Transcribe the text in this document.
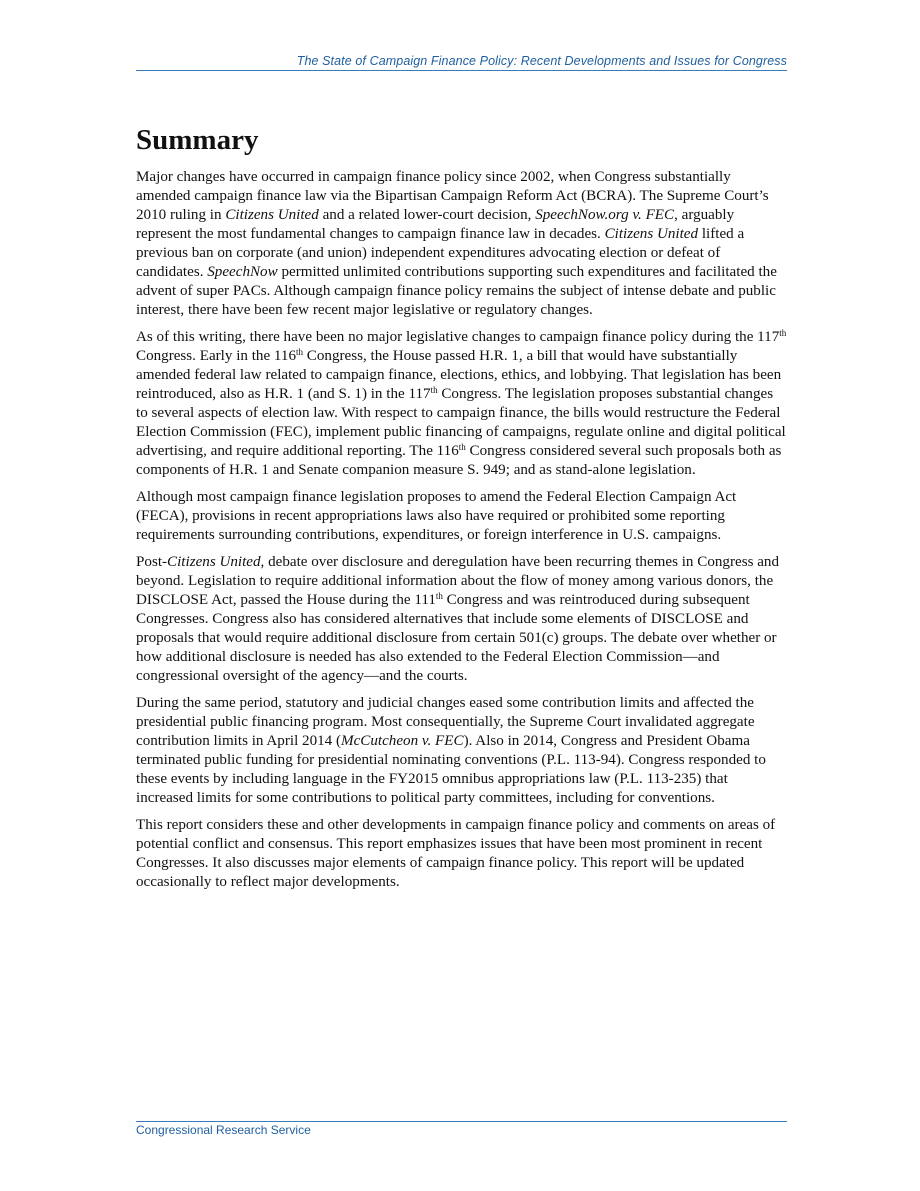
The State of Campaign Finance Policy: Recent Developments and Issues for Congress
Summary

Major changes have occurred in campaign finance policy since 2002, when Congress substantially amended campaign finance law via the Bipartisan Campaign Reform Act (BCRA). The Supreme Court’s 2010 ruling in Citizens United and a related lower-court decision, SpeechNow.org v. FEC, arguably represent the most fundamental changes to campaign finance law in decades. Citizens United lifted a previous ban on corporate (and union) independent expenditures advocating election or defeat of candidates. SpeechNow permitted unlimited contributions supporting such expenditures and facilitated the advent of super PACs. Although campaign finance policy remains the subject of intense debate and public interest, there have been few recent major legislative or regulatory changes.

As of this writing, there have been no major legislative changes to campaign finance policy during the 117th Congress. Early in the 116th Congress, the House passed H.R. 1, a bill that would have substantially amended federal law related to campaign finance, elections, ethics, and lobbying. That legislation has been reintroduced, also as H.R. 1 (and S. 1) in the 117th Congress. The legislation proposes substantial changes to several aspects of election law. With respect to campaign finance, the bills would restructure the Federal Election Commission (FEC), implement public financing of campaigns, regulate online and digital political advertising, and require additional reporting. The 116th Congress considered several such proposals both as components of H.R. 1 and Senate companion measure S. 949; and as stand-alone legislation.

Although most campaign finance legislation proposes to amend the Federal Election Campaign Act (FECA), provisions in recent appropriations laws also have required or prohibited some reporting requirements surrounding contributions, expenditures, or foreign interference in U.S. campaigns.

Post-Citizens United, debate over disclosure and deregulation have been recurring themes in Congress and beyond. Legislation to require additional information about the flow of money among various donors, the DISCLOSE Act, passed the House during the 111th Congress and was reintroduced during subsequent Congresses. Congress also has considered alternatives that include some elements of DISCLOSE and proposals that would require additional disclosure from certain 501(c) groups. The debate over whether or how additional disclosure is needed has also extended to the Federal Election Commission—and congressional oversight of the agency—and the courts.

During the same period, statutory and judicial changes eased some contribution limits and affected the presidential public financing program. Most consequentially, the Supreme Court invalidated aggregate contribution limits in April 2014 (McCutcheon v. FEC). Also in 2014, Congress and President Obama terminated public funding for presidential nominating conventions (P.L. 113-94). Congress responded to these events by including language in the FY2015 omnibus appropriations law (P.L. 113-235) that increased limits for some contributions to political party committees, including for conventions.

This report considers these and other developments in campaign finance policy and comments on areas of potential conflict and consensus. This report emphasizes issues that have been most prominent in recent Congresses. It also discusses major elements of campaign finance policy. This report will be updated occasionally to reflect major developments.

Congressional Research Service
